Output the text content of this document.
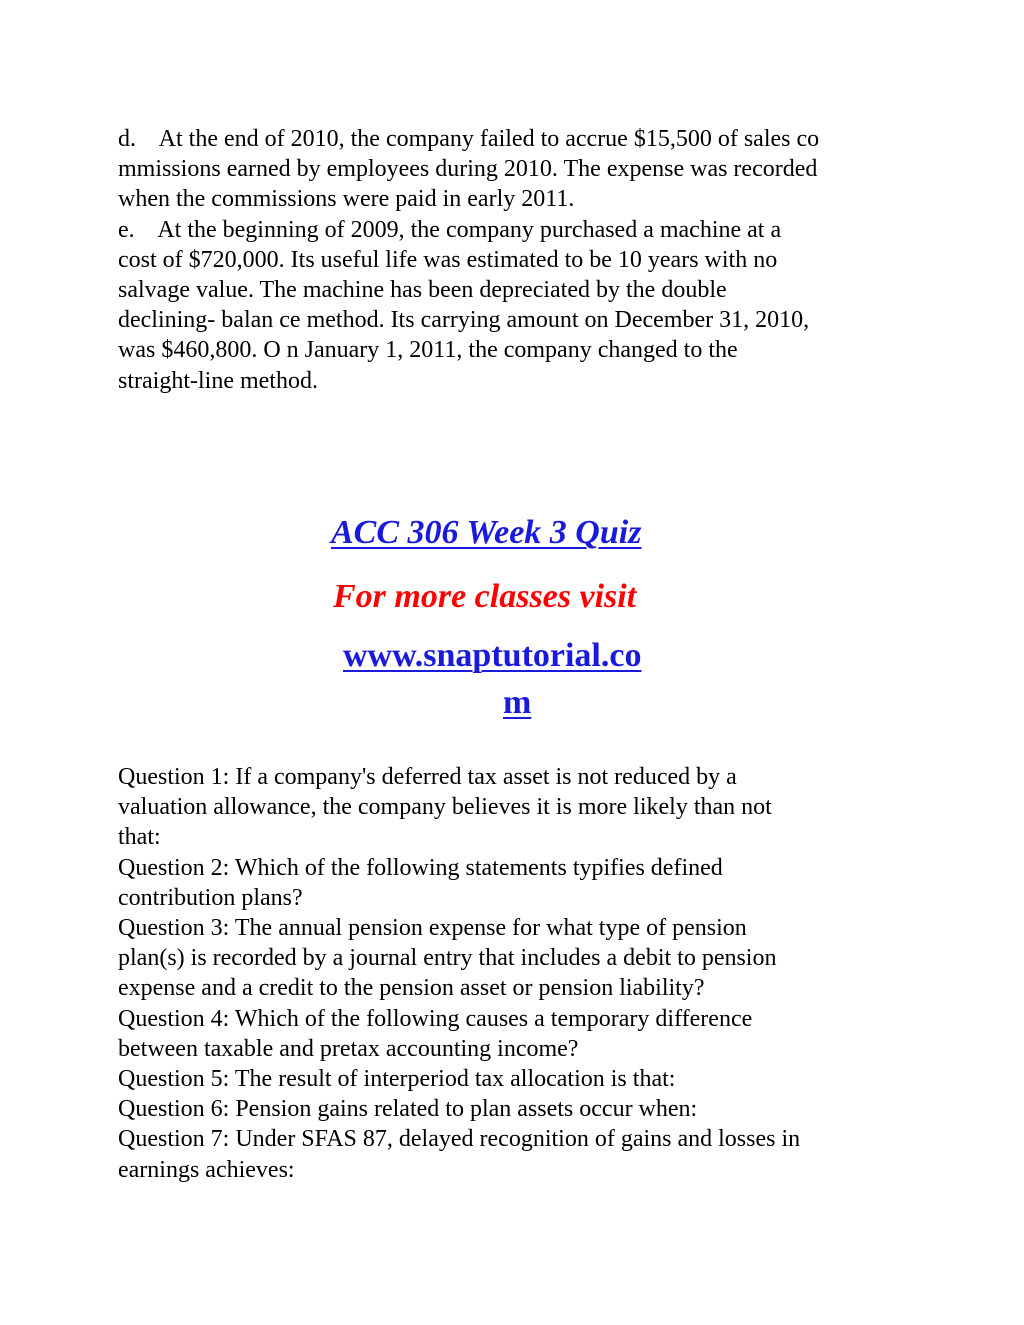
d.    At the end of 2010, the company failed to accrue $15,500 of sales co
mmissions earned by employees during 2010. The expense was recorded
when the commissions were paid in early 2011.
e.    At the beginning of 2009, the company purchased a machine at a
cost of $720,000. Its useful life was estimated to be 10 years with no
salvage value. The machine has been depreciated by the double
declining- balan ce method. Its carrying amount on December 31, 2010,
was $460,800. O n January 1, 2011, the company changed to the
straight-line method.
ACC 306 Week 3 Quiz
For more classes visit
www.snaptutorial.co
m
Question 1: If a company's deferred tax asset is not reduced by a
valuation allowance, the company believes it is more likely than not
that:
Question 2: Which of the following statements typifies defined
contribution plans?
Question 3: The annual pension expense for what type of pension
plan(s) is recorded by a journal entry that includes a debit to pension
expense and a credit to the pension asset or pension liability?
Question 4: Which of the following causes a temporary difference
between taxable and pretax accounting income?
Question 5: The result of interperiod tax allocation is that:
Question 6: Pension gains related to plan assets occur when:
Question 7: Under SFAS 87, delayed recognition of gains and losses in
earnings achieves:
